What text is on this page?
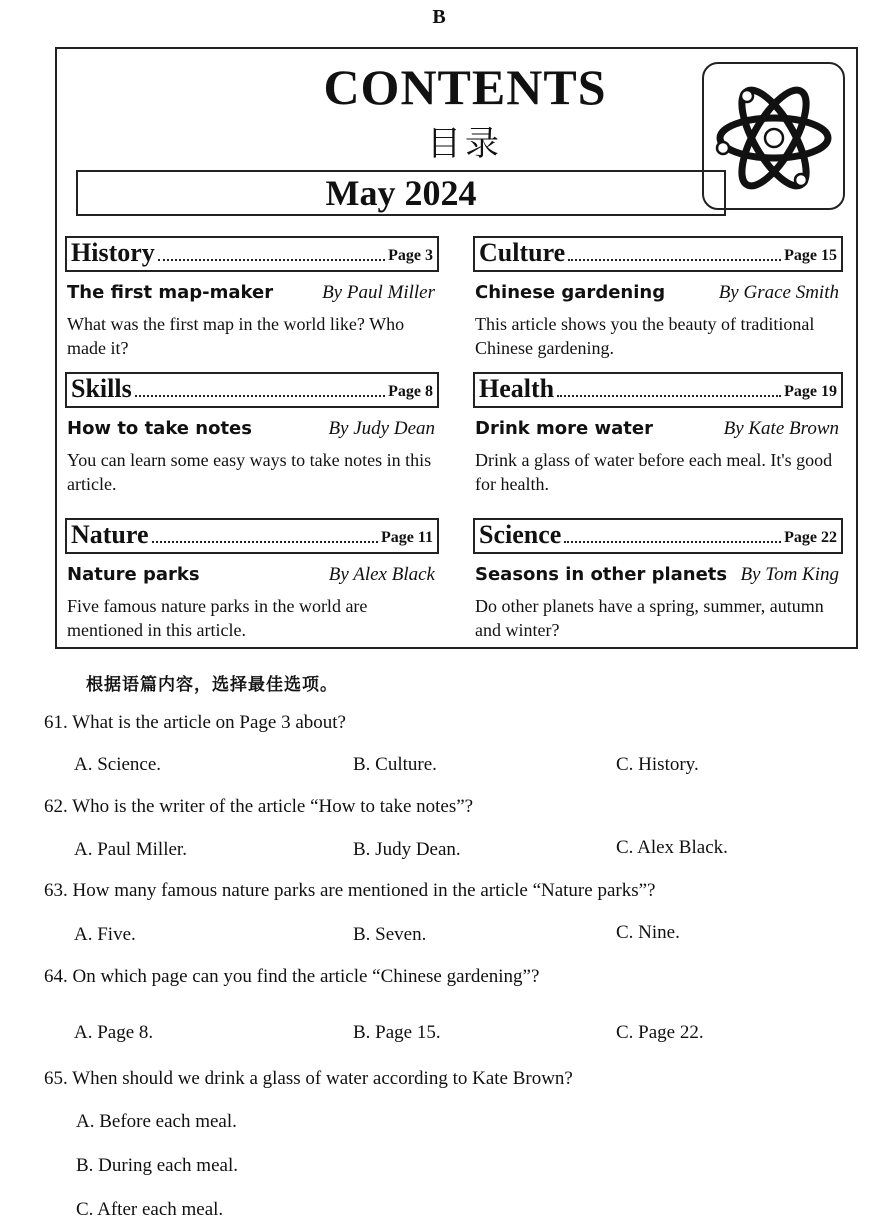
B
CONTENTS
目录
May 2024
History	Page 3
The first map-maker	By Paul Miller
What was the first map in the world like? Who made it?
Culture	Page 15
Chinese gardening	By Grace Smith
This article shows you the beauty of traditional Chinese gardening.
Skills	Page 8
How to take notes	By Judy Dean
You can learn some easy ways to take notes in this article.
Health	Page 19
Drink more water	By Kate Brown
Drink a glass of water before each meal. It's good for health.
Nature	Page 11
Nature parks	By Alex Black
Five famous nature parks in the world are mentioned in this article.
Science	Page 22
Seasons in other planets By Tom King
Do other planets have a spring, summer, autumn and winter?
根据语篇内容，选择最佳选项。
61. What is the article on Page 3 about?
A. Science.	B. Culture.	C. History.
62. Who is the writer of the article “How to take notes”?
A. Paul Miller.	B. Judy Dean.	C. Alex Black.
63. How many famous nature parks are mentioned in the article “Nature parks”?
A. Five.	B. Seven.	C. Nine.
64. On which page can you find the article “Chinese gardening”?
A. Page 8.	B. Page 15.	C. Page 22.
65. When should we drink a glass of water according to Kate Brown?
A. Before each meal.
B. During each meal.
C. After each meal.
